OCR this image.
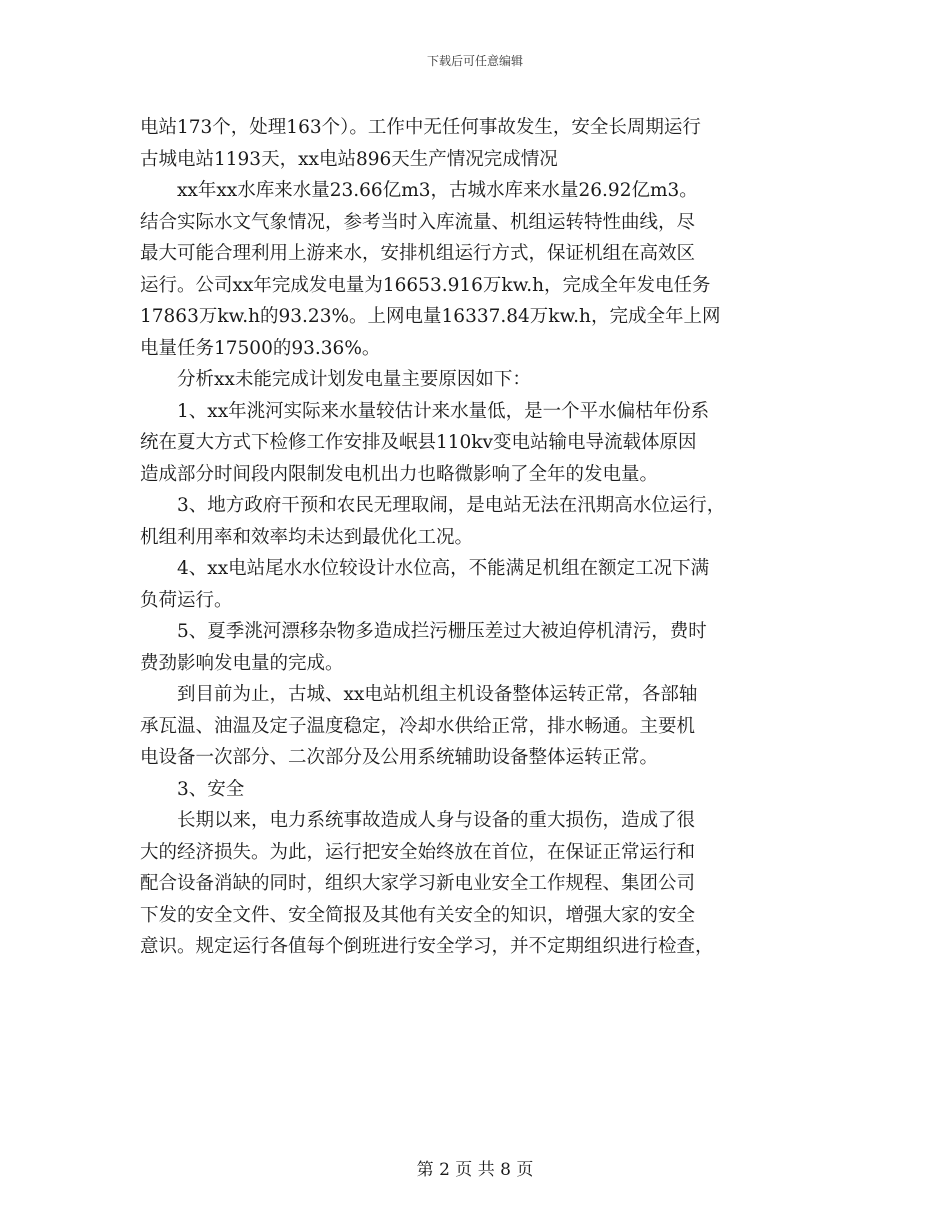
下载后可任意编辑

电站173个，处理163个）。工作中无任何事故发生，安全长周期运行

古城电站1193天，xx电站896天生产情况完成情况

xx年xx水库来水量23.66亿m3，古城水库来水量26.92亿m3。

结合实际水文气象情况，参考当时入库流量、机组运转特性曲线，尽

最大可能合理利用上游来水，安排机组运行方式，保证机组在高效区

运行。公司xx年完成发电量为16653.916万kw.h，完成全年发电任务

17863万kw.h的93.23%。上网电量16337.84万kw.h，完成全年上网

电量任务17500的93.36%。

分析xx未能完成计划发电量主要原因如下：

1、xx年洮河实际来水量较估计来水量低，是一个平水偏枯年份系

统在夏大方式下检修工作安排及岷县110kv变电站输电导流载体原因

造成部分时间段内限制发电机出力也略微影响了全年的发电量。

3、地方政府干预和农民无理取闹，是电站无法在汛期高水位运行，

机组利用率和效率均未达到最优化工况。

4、xx电站尾水水位较设计水位高，不能满足机组在额定工况下满

负荷运行。

5、夏季洮河漂移杂物多造成拦污栅压差过大被迫停机清污，费时

费劲影响发电量的完成。

到目前为止，古城、xx电站机组主机设备整体运转正常，各部轴

承瓦温、油温及定子温度稳定，冷却水供给正常，排水畅通。主要机

电设备一次部分、二次部分及公用系统辅助设备整体运转正常。

3、安全

长期以来，电力系统事故造成人身与设备的重大损伤，造成了很

大的经济损失。为此，运行把安全始终放在首位，在保证正常运行和

配合设备消缺的同时，组织大家学习新电业安全工作规程、集团公司

下发的安全文件、安全简报及其他有关安全的知识，增强大家的安全

意识。规定运行各值每个倒班进行安全学习，并不定期组织进行检查，

第 2 页 共 8 页
